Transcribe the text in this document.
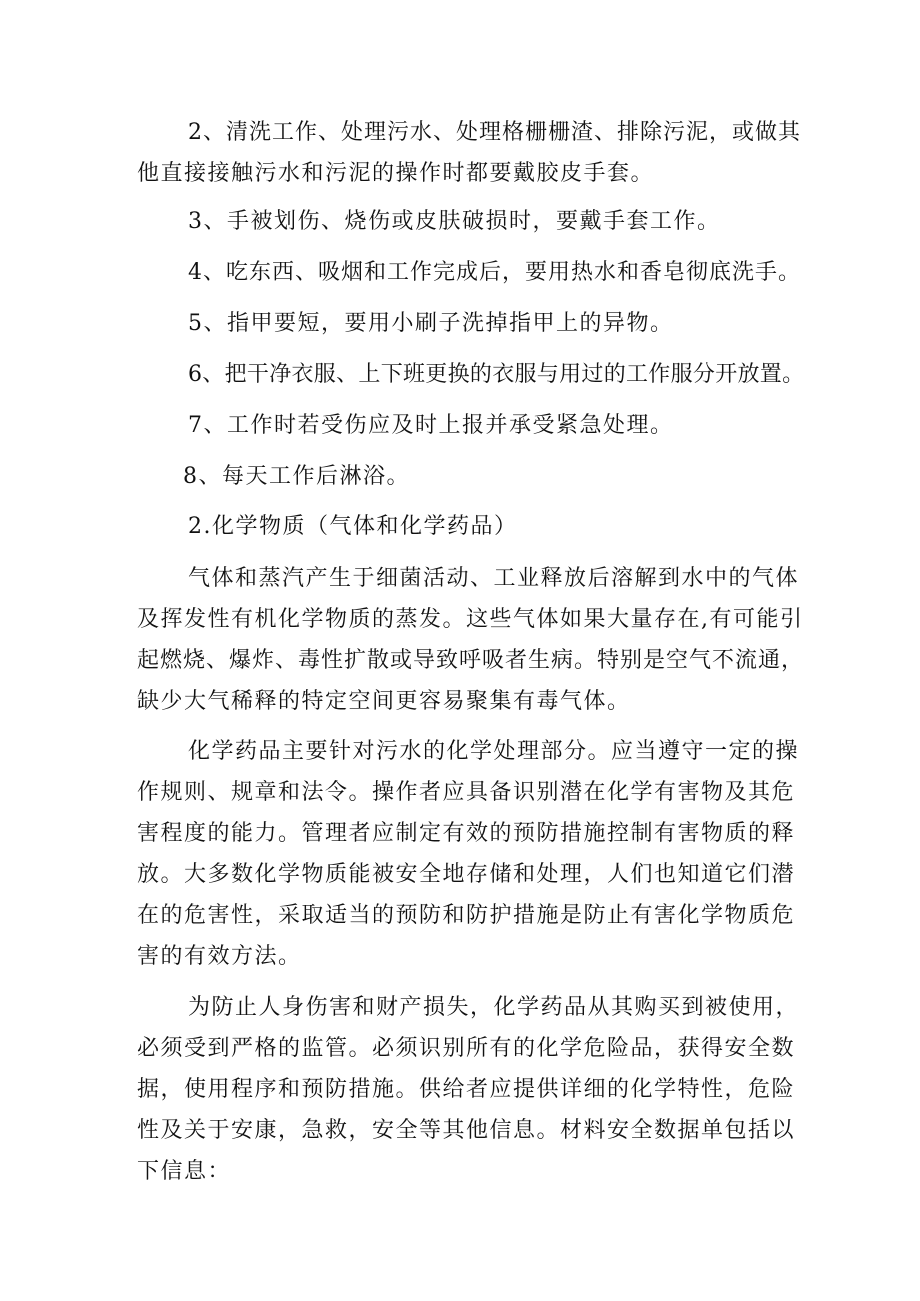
2、清洗工作、处理污水、处理格栅栅渣、排除污泥，或做其
他直接接触污水和污泥的操作时都要戴胶皮手套。
3、手被划伤、烧伤或皮肤破损时，要戴手套工作。
4、吃东西、吸烟和工作完成后，要用热水和香皂彻底洗手。
5、指甲要短，要用小刷子洗掉指甲上的异物。
6、把干净衣服、上下班更换的衣服与用过的工作服分开放置。
7、工作时若受伤应及时上报并承受紧急处理。
8、每天工作后淋浴。
2.化学物质（气体和化学药品）
气体和蒸汽产生于细菌活动、工业释放后溶解到水中的气体
及挥发性有机化学物质的蒸发。这些气体如果大量存在,有可能引
起燃烧、爆炸、毒性扩散或导致呼吸者生病。特别是空气不流通，
缺少大气稀释的特定空间更容易聚集有毒气体。
化学药品主要针对污水的化学处理部分。应当遵守一定的操
作规则、规章和法令。操作者应具备识别潜在化学有害物及其危
害程度的能力。管理者应制定有效的预防措施控制有害物质的释
放。大多数化学物质能被安全地存储和处理，人们也知道它们潜
在的危害性，采取适当的预防和防护措施是防止有害化学物质危
害的有效方法。
为防止人身伤害和财产损失，化学药品从其购买到被使用，
必须受到严格的监管。必须识别所有的化学危险品，获得安全数
据，使用程序和预防措施。供给者应提供详细的化学特性，危险
性及关于安康，急救，安全等其他信息。材料安全数据单包括以
下信息：
